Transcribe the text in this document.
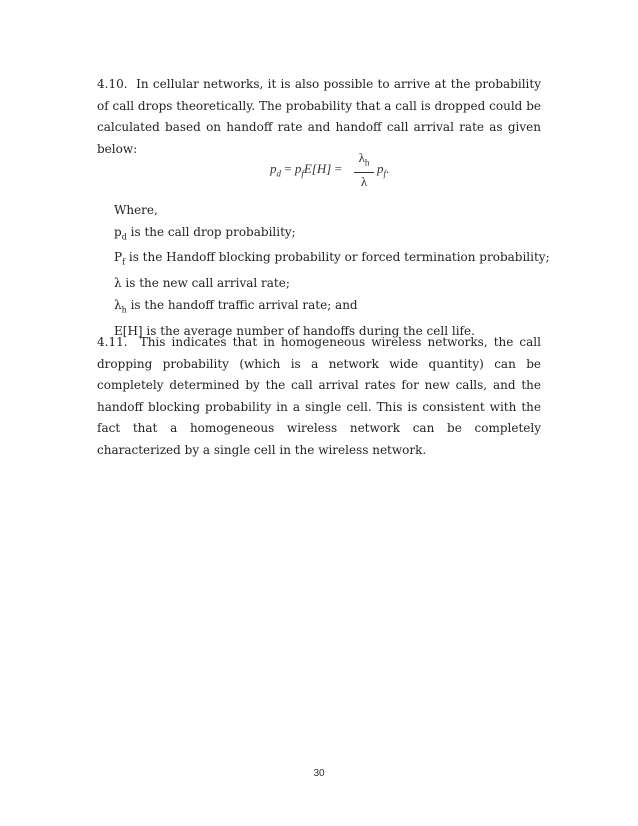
4.10. In cellular networks, it is also possible to arrive at the probability of call drops theoretically. The probability that a call is dropped could be calculated based on handoff rate and handoff call arrival rate as given below:

$p_d = p_fE[H]$ =
$\lambda_h$
λ
$p_f$.
Where,
$p_d$ is the call drop probability;
$P_f$ is the Handoff blocking probability or forced termination probability;
λ is the new call arrival rate;
$\lambda_h$ is the handoff traffic arrival rate; and
E[H] is the average number of handoffs during the cell life.

4.11. This indicates that in homogeneous wireless networks, the call dropping probability (which is a network wide quantity) can be completely determined by the call arrival rates for new calls, and the handoff blocking probability in a single cell. This is consistent with the fact that a homogeneous wireless network can be completely characterized by a single cell in the wireless network.

30
